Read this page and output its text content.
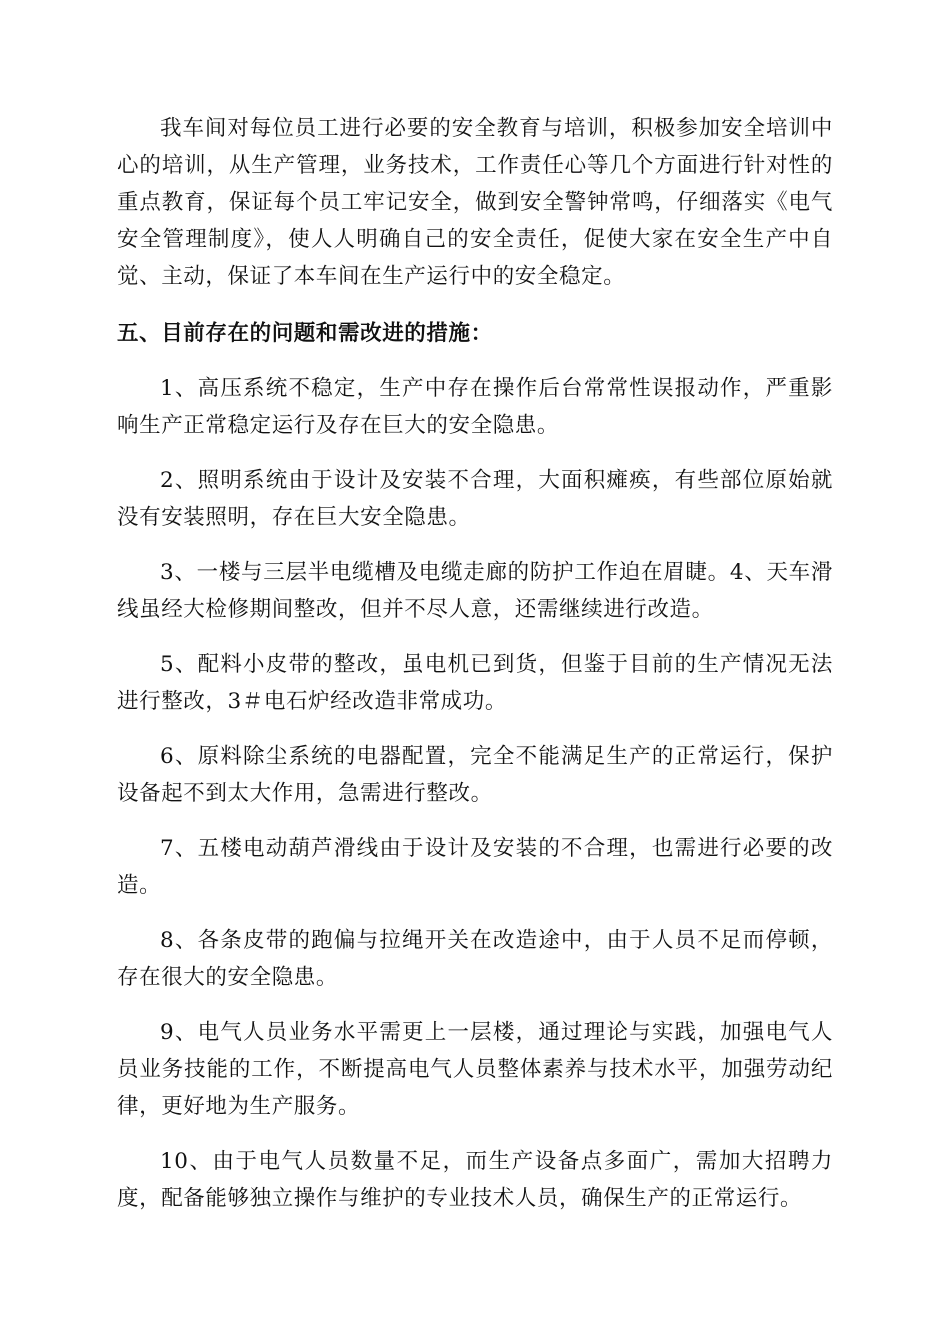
我车间对每位员工进行必要的安全教育与培训，积极参加安全培训中心的培训，从生产管理，业务技术，工作责任心等几个方面进行针对性的重点教育，保证每个员工牢记安全，做到安全警钟常鸣，仔细落实《电气安全管理制度》，使人人明确自己的安全责任，促使大家在安全生产中自觉、主动，保证了本车间在生产运行中的安全稳定。

五、目前存在的问题和需改进的措施：

1、高压系统不稳定，生产中存在操作后台常常性误报动作，严重影响生产正常稳定运行及存在巨大的安全隐患。

2、照明系统由于设计及安装不合理，大面积瘫痪，有些部位原始就没有安装照明，存在巨大安全隐患。

3、一楼与三层半电缆槽及电缆走廊的防护工作迫在眉睫。4、天车滑线虽经大检修期间整改，但并不尽人意，还需继续进行改造。

5、配料小皮带的整改，虽电机已到货，但鉴于目前的生产情况无法进行整改，3＃电石炉经改造非常成功。

6、原料除尘系统的电器配置，完全不能满足生产的正常运行，保护设备起不到太大作用，急需进行整改。

7、五楼电动葫芦滑线由于设计及安装的不合理，也需进行必要的改造。

8、各条皮带的跑偏与拉绳开关在改造途中，由于人员不足而停顿，存在很大的安全隐患。

9、电气人员业务水平需更上一层楼，通过理论与实践，加强电气人员业务技能的工作，不断提高电气人员整体素养与技术水平，加强劳动纪律，更好地为生产服务。

10、由于电气人员数量不足，而生产设备点多面广，需加大招聘力度，配备能够独立操作与维护的专业技术人员，确保生产的正常运行。
